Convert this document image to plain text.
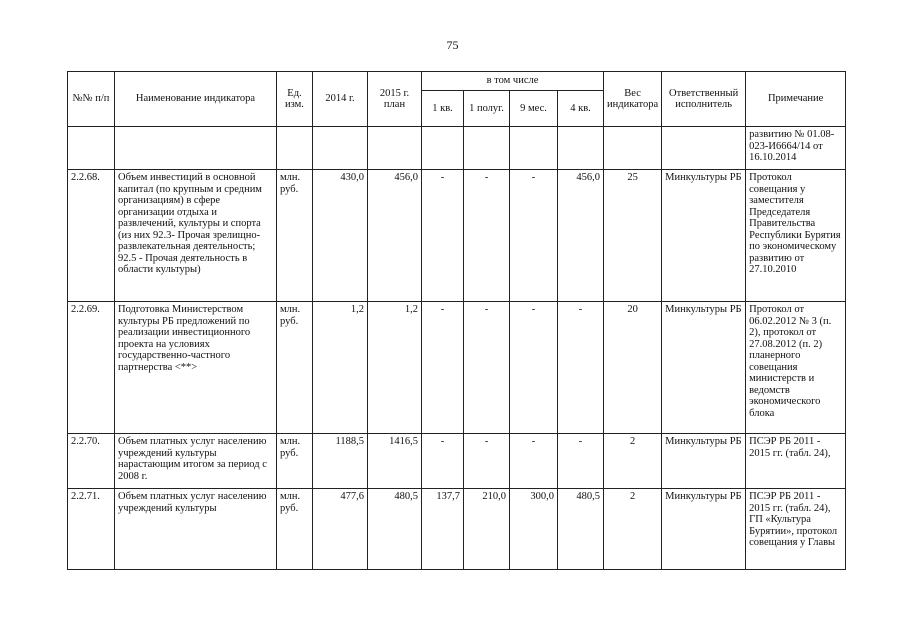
75
№№ п/п	Наименование индикатора	Ед. изм.	2014 г.	2015 г. план	в том числе				Вес индикатора	Ответственный исполнитель	Примечание
					1 кв.	1 полуг.	9 мес.	4 кв.			
											развитию № 01.08-023-И6664/14 от 16.10.2014
2.2.68.	Объем инвестиций в основной капитал (по крупным и средним организациям) в сфере организации отдыха и развлечений, культуры и спорта (из них 92.3- Прочая зрелищно-развлекательная деятельность; 92.5 - Прочая деятельность в области культуры)	млн. руб.	430,0	456,0	-	-	-	456,0	25	Минкультуры РБ	Протокол совещания у заместителя Председателя Правительства Республики Бурятия по экономическому развитию от 27.10.2010
2.2.69.	Подготовка Министерством культуры РБ предложений по реализации инвестиционного проекта на условиях государственно-частного партнерства <**>	млн. руб.	1,2	1,2	-	-	-	-	20	Минкультуры РБ	Протокол от 06.02.2012 № 3 (п. 2), протокол от 27.08.2012 (п. 2) планерного совещания министерств и ведомств экономического блока
2.2.70.	Объем платных услуг населению учреждений культуры нарастающим итогом за период с 2008 г.	млн. руб.	1188,5	1416,5	-	-	-	-	2	Минкультуры РБ	ПСЭР РБ 2011 - 2015 гг. (табл. 24),
2.2.71.	Объем платных услуг населению учреждений культуры	млн. руб.	477,6	480,5	137,7	210,0	300,0	480,5	2	Минкультуры РБ	ПСЭР РБ 2011 - 2015 гг. (табл. 24), ГП «Культура Бурятии», протокол совещания у Главы
